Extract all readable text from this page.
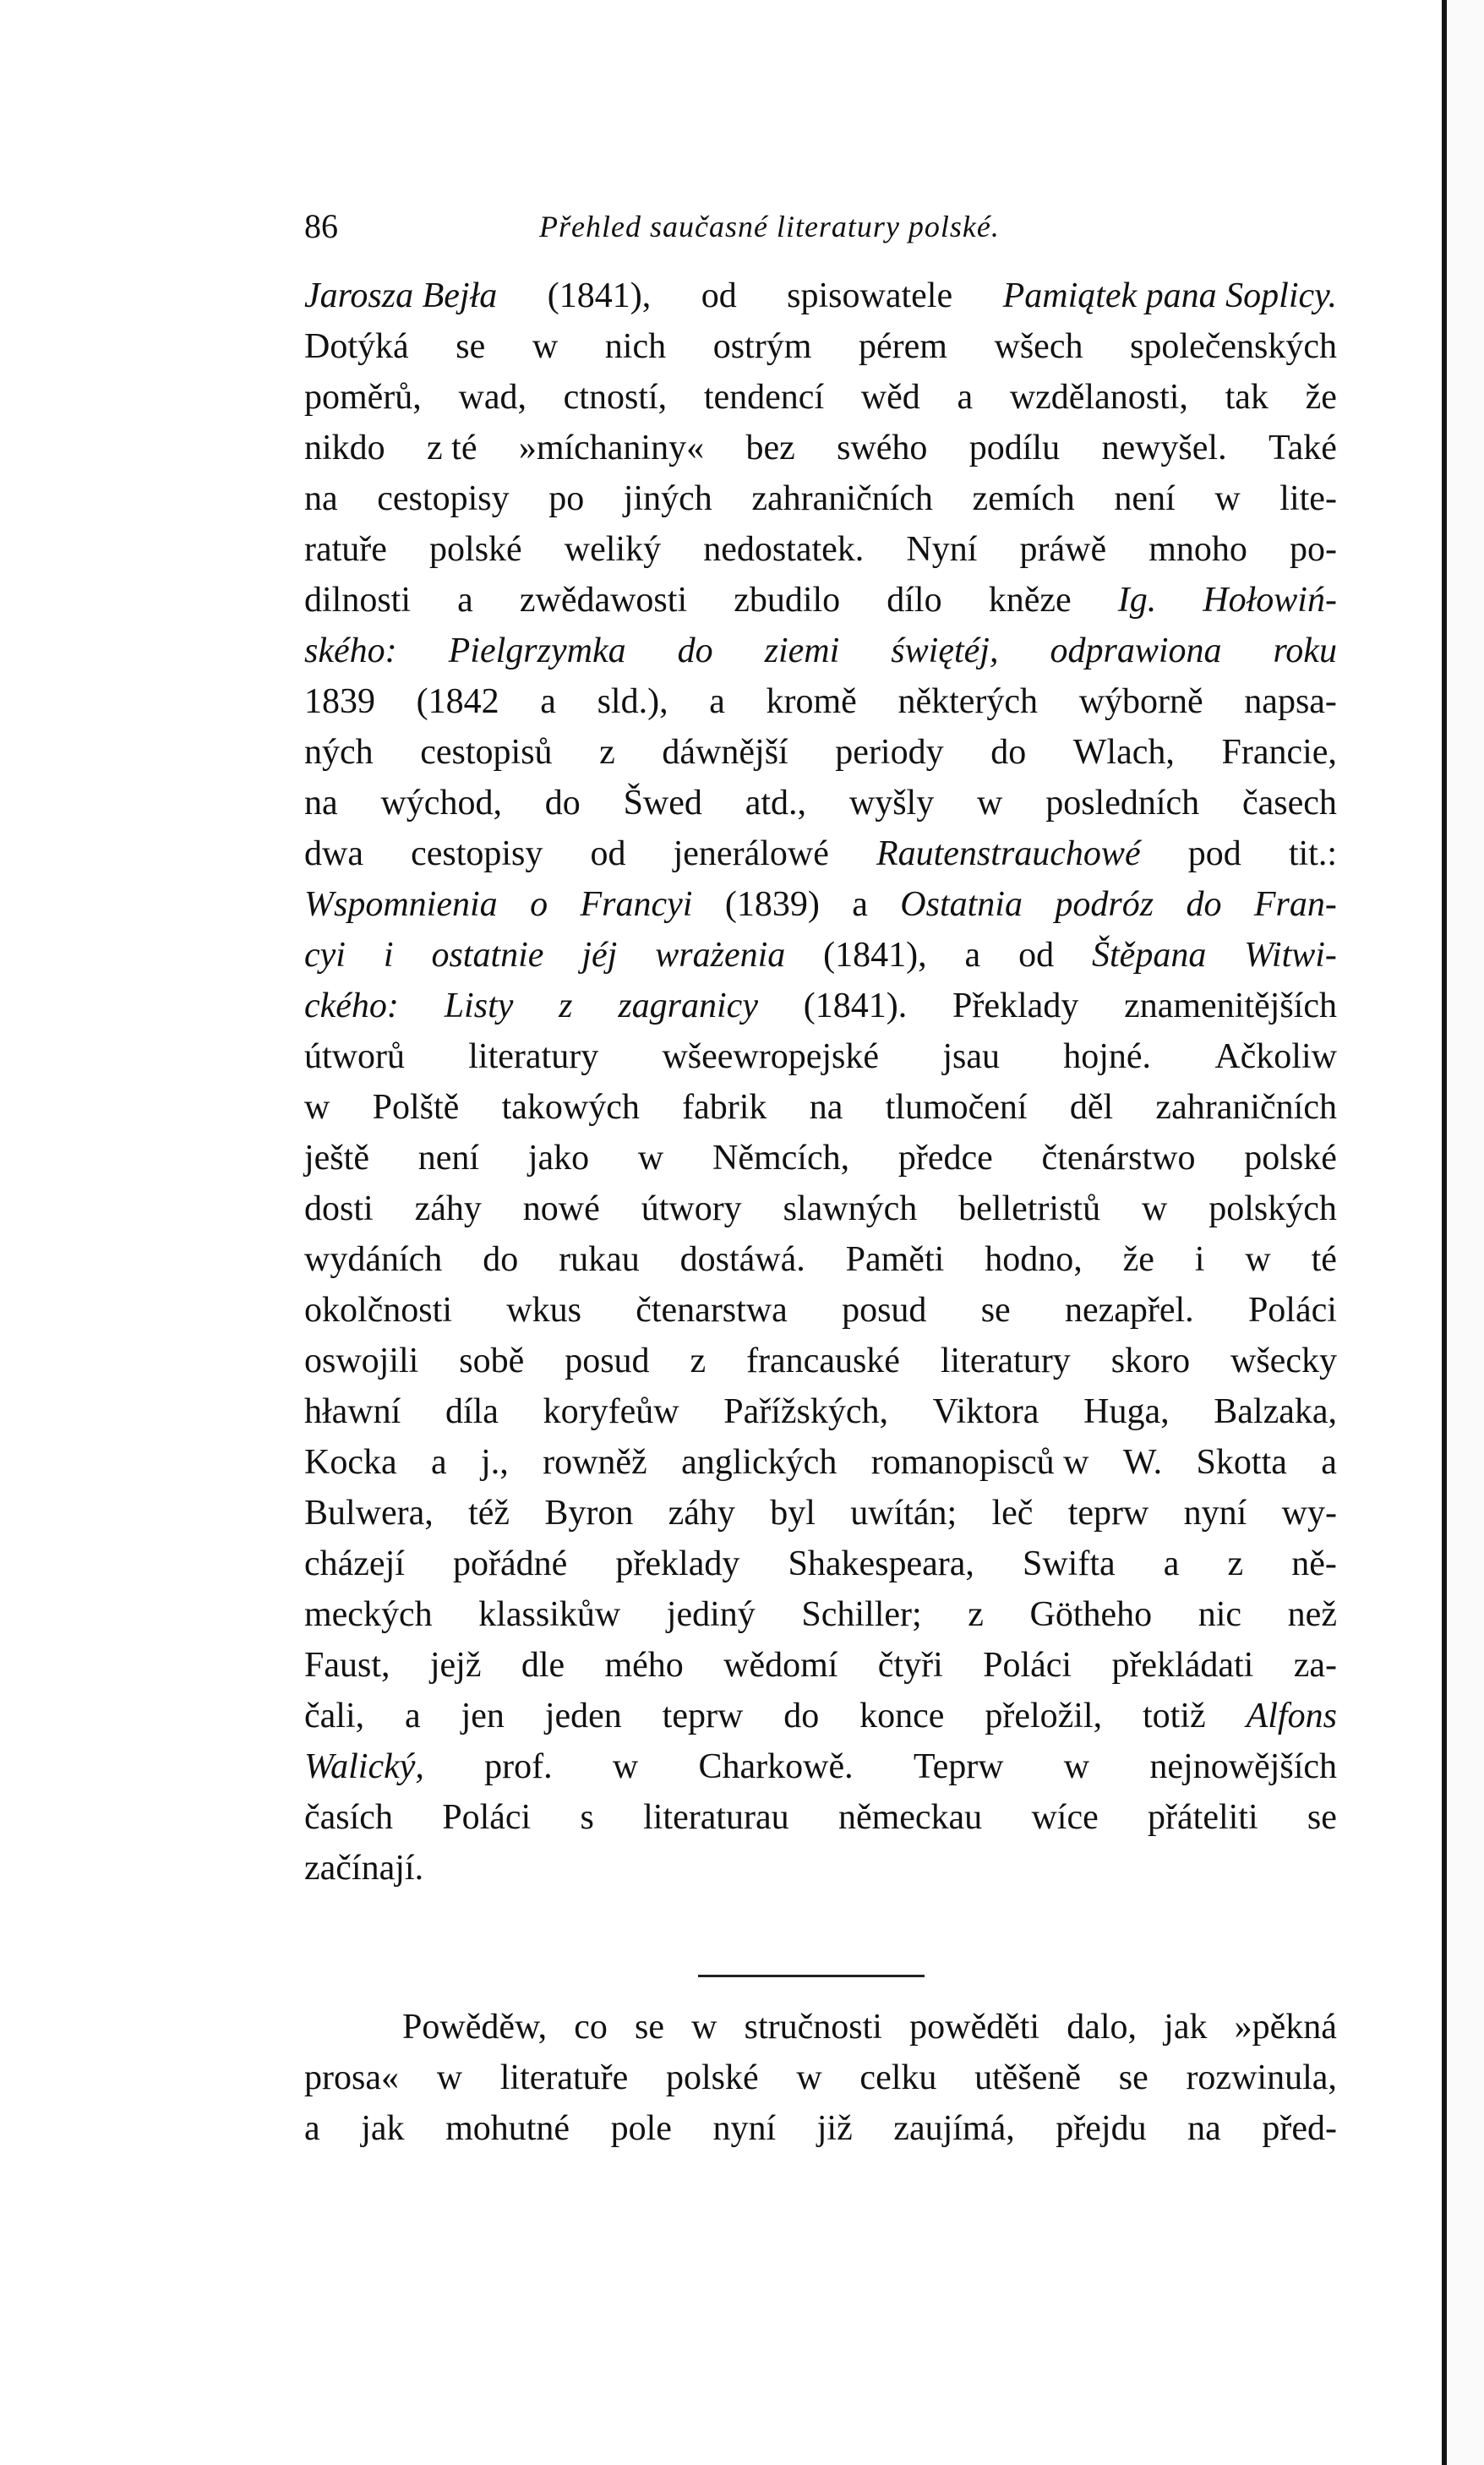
86	Přehled saučasné literatury polské.
Jarosza Bejła (1841), od spisowatele Pamiątek pana Soplicy.
Dotýká se w nich ostrým pérem wšech společenských
poměrů, wad, ctností, tendencí wěd a wzdělanosti, tak že
nikdo z té »míchaniny« bez swého podílu newyšel. Také
na cestopisy po jiných zahraničních zemích není w lite-
ratuře polské weliký nedostatek. Nyní práwě mnoho po-
dilnosti a zwědawosti zbudilo dílo kněze Ig. Hołowiń-
ského: Pielgrzymka do ziemi świętéj, odprawiona roku
1839 (1842 a sld.), a kromě některých wýborně napsa-
ných cestopisů z dáwnější periody do Wlach, Francie,
na wýchod, do Šwed atd., wyšly w posledních časech
dwa cestopisy od jenerálowé Rautenstrauchowé pod tit.:
Wspomnienia o Francyi (1839) a Ostatnia podróz do Fran-
cyi i ostatnie jéj wrażenia (1841), a od Štěpana Witwi-
ckého: Listy z zagranicy (1841). Překlady znamenitějších
útworů literatury wšeewropejské jsau hojné. Ačkoliw
w Polště takowých fabrik na tlumočení děl zahraničních
ještě není jako w Němcích, předce čtenárstwo polské
dosti záhy nowé útwory slawných belletristů w polských
wydáních do rukau dostáwá. Paměti hodno, že i w té
okolčnosti wkus čtenarstwa posud se nezapřel. Poláci
oswojili sobě posud z francauské literatury skoro wšecky
hławní díla koryfeůw Pařížských, Viktora Huga, Balzaka,
Kocka a j., rowněž anglických romanopisců w W. Skotta a
Bulwera, též Byron záhy byl uwítán; leč teprw nyní wy-
cházejí pořádné překlady Shakespeara, Swifta a z ně-
meckých klassikůw jediný Schiller; z Götheho nic než
Faust, jejž dle mého wědomí čtyři Poláci překládati za-
čali, a jen jeden teprw do konce přeložil, totiž Alfons
Walický, prof. w Charkowě. Teprw w nejnowějších
časích Poláci s literaturau německau wíce přáteliti se
začínají.
Powěděw, co se w stručnosti powěděti dalo, jak »pěkná
prosa« w literatuře polské w celku utěšeně se rozwinula,
a jak mohutné pole nyní již zaujímá, přejdu na před-
